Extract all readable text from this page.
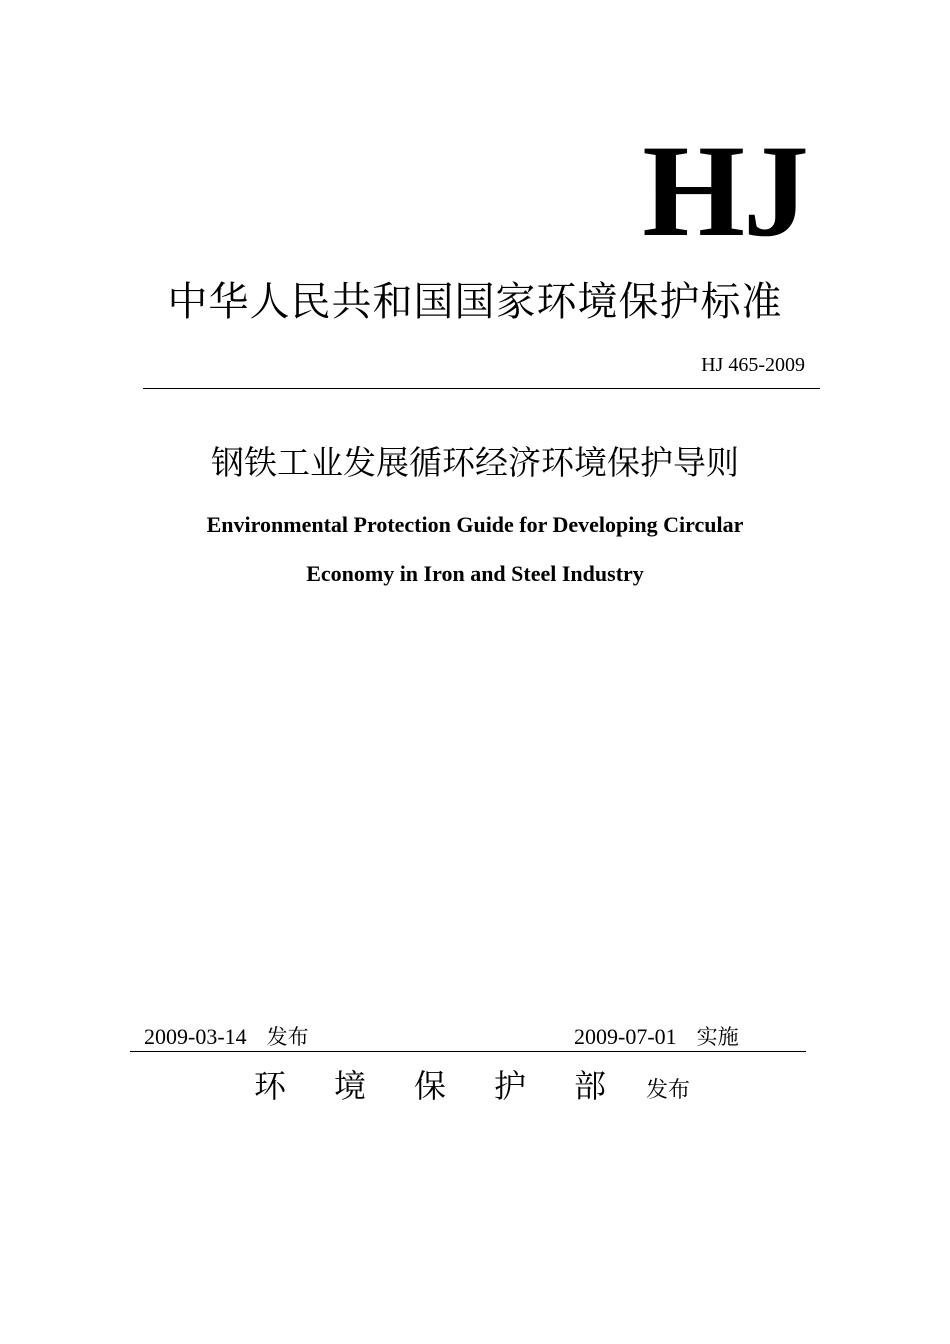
HJ
中华人民共和国国家环境保护标准
HJ 465-2009
钢铁工业发展循环经济环境保护导则
Environmental Protection Guide for Developing Circular
Economy in Iron and Steel Industry
2009-03-14 发布	2009-07-01 实施
环境保护部发布
